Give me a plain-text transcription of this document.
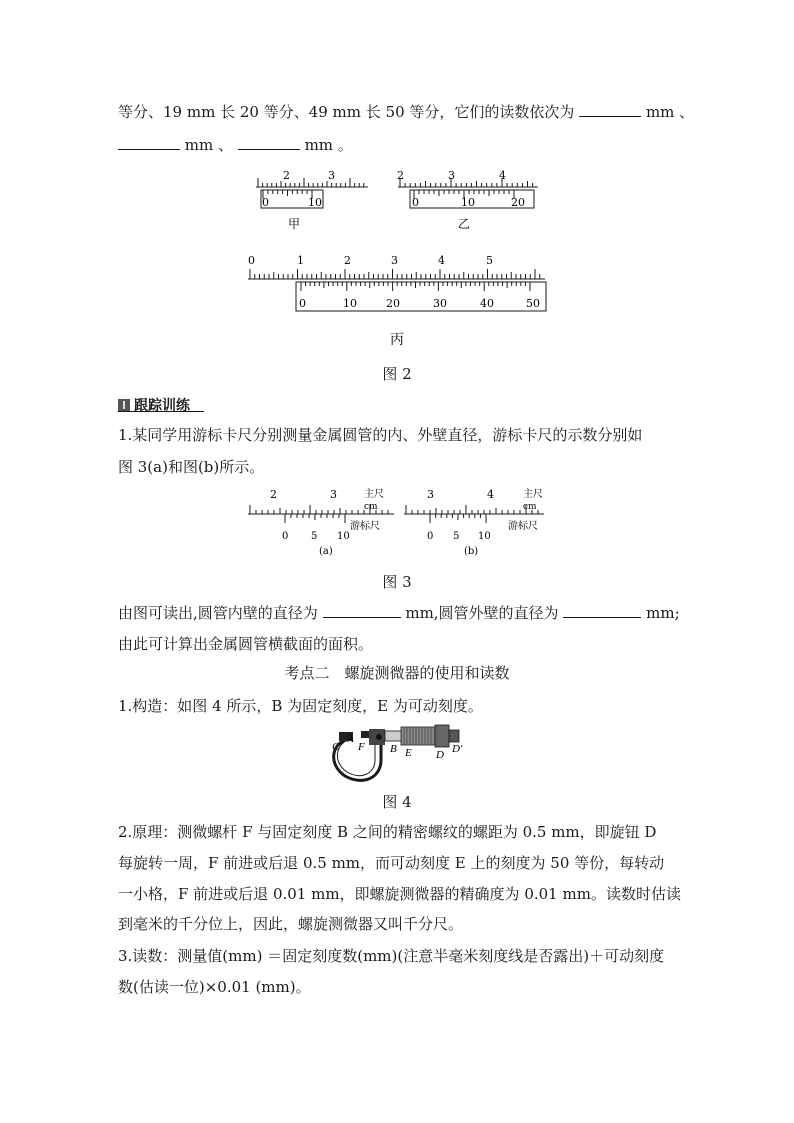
等分、19 mm 长 20 等分、49 mm 长 50 等分，它们的读数依次为	mm 、
mm 、	mm 。
2	3
0	10
甲
2	3	4
0	10	20
乙
0	1	2	3	4	5
0	10	20	30	40	50
丙
图 2
跟踪训练
1.某同学用游标卡尺分别测量金属圆管的内、外壁直径，游标卡尺的示数分别如
图 3(a)和图(b)所示。
2	3
0 5 10
(a)
主尺
cm
游标尺
3	4
0 5 10
(b)
主尺
cm
游标尺
图 3
由图可读出,圆管内壁的直径为	mm,圆管外壁的直径为	mm;
由此可计算出金属圆管横截面的面积。
考点二　螺旋测微器的使用和读数
1.构造：如图 4 所示，B 为固定刻度，E 为可动刻度。
A
C F B E D D′
图 4
2.原理：测微螺杆 F 与固定刻度 B 之间的精密螺纹的螺距为 0.5 mm，即旋钮 D
每旋转一周，F 前进或后退 0.5 mm，而可动刻度 E 上的刻度为 50 等份，每转动
一小格，F 前进或后退 0.01 mm，即螺旋测微器的精确度为 0.01 mm。读数时估读
到毫米的千分位上，因此，螺旋测微器又叫千分尺。
3.读数：测量值(mm) ＝固定刻度数(mm)(注意半毫米刻度线是否露出)＋可动刻度
数(估读一位)×0.01 (mm)。
